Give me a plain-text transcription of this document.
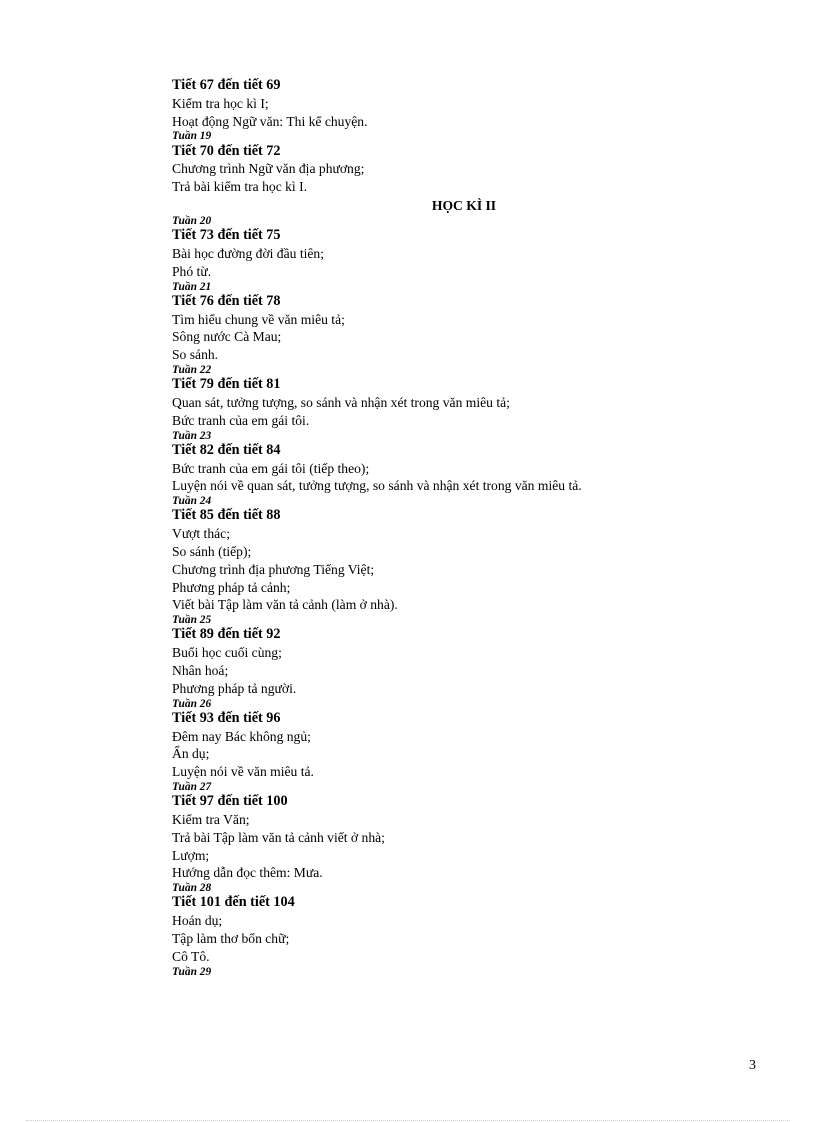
Tiết 67 đến tiết 69
Kiểm tra học kì I;
Hoạt động Ngữ văn: Thi kể chuyện.
Tuần 19
Tiết 70 đến tiết 72
Chương trình Ngữ văn địa phương;
Trả bài kiểm tra học kì I.
HỌC KÌ II
Tuần 20
Tiết 73 đến tiết 75
Bài học đường đời đầu tiên;
Phó từ.
Tuần 21
Tiết 76 đến tiết 78
Tìm hiểu chung về văn miêu tả;
Sông nước Cà Mau;
So sánh.
Tuần 22
Tiết 79 đến tiết 81
Quan sát, tưởng tượng, so sánh và nhận xét trong văn miêu tả;
Bức tranh của em gái tôi.
Tuần 23
Tiết 82 đến tiết 84
Bức tranh của em gái tôi (tiếp theo);
Luyện nói về quan sát, tưởng tượng, so sánh và nhận xét trong văn miêu tả.
Tuần 24
Tiết 85 đến tiết 88
Vượt thác;
So sánh (tiếp);
Chương trình địa phương Tiếng Việt;
Phương pháp tả cảnh;
Viết bài Tập làm văn tả cảnh (làm ở nhà).
Tuần 25
Tiết 89 đến tiết 92
Buổi học cuối cùng;
Nhân hoá;
Phương pháp tả người.
Tuần 26
Tiết 93 đến tiết 96
Đêm nay Bác không ngủ;
Ẩn dụ;
Luyện nói về văn miêu tả.
Tuần 27
Tiết 97 đến tiết 100
Kiểm tra Văn;
Trả bài Tập làm văn tả cảnh viết ở nhà;
Lượm;
Hướng dẫn đọc thêm: Mưa.
Tuần 28
Tiết 101 đến tiết 104
Hoán dụ;
Tập làm thơ bốn chữ;
Cô Tô.
Tuần 29
3
